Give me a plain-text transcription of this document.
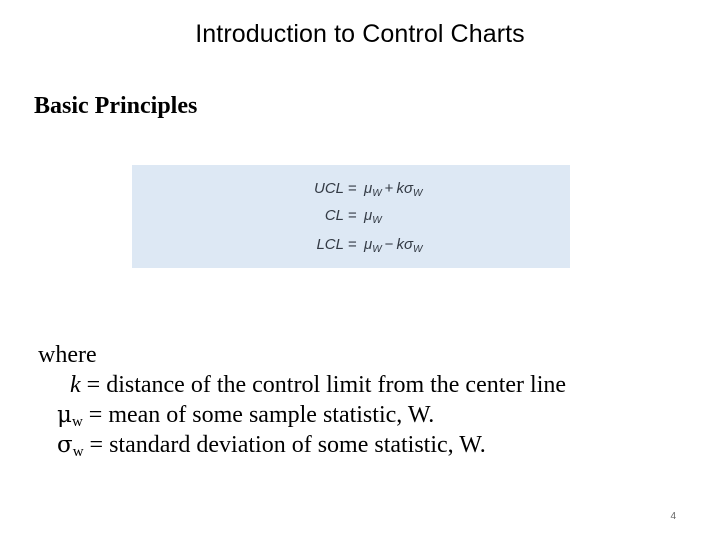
Introduction to Control Charts
Basic Principles
UCL = $\mu_W + k\sigma_W$
CL = $\mu_W$
LCL = $\mu_W - k\sigma_W$
where
k = distance of the control limit from the center line
μw = mean of some sample statistic, W.
σw = standard deviation of some statistic, W.
4
